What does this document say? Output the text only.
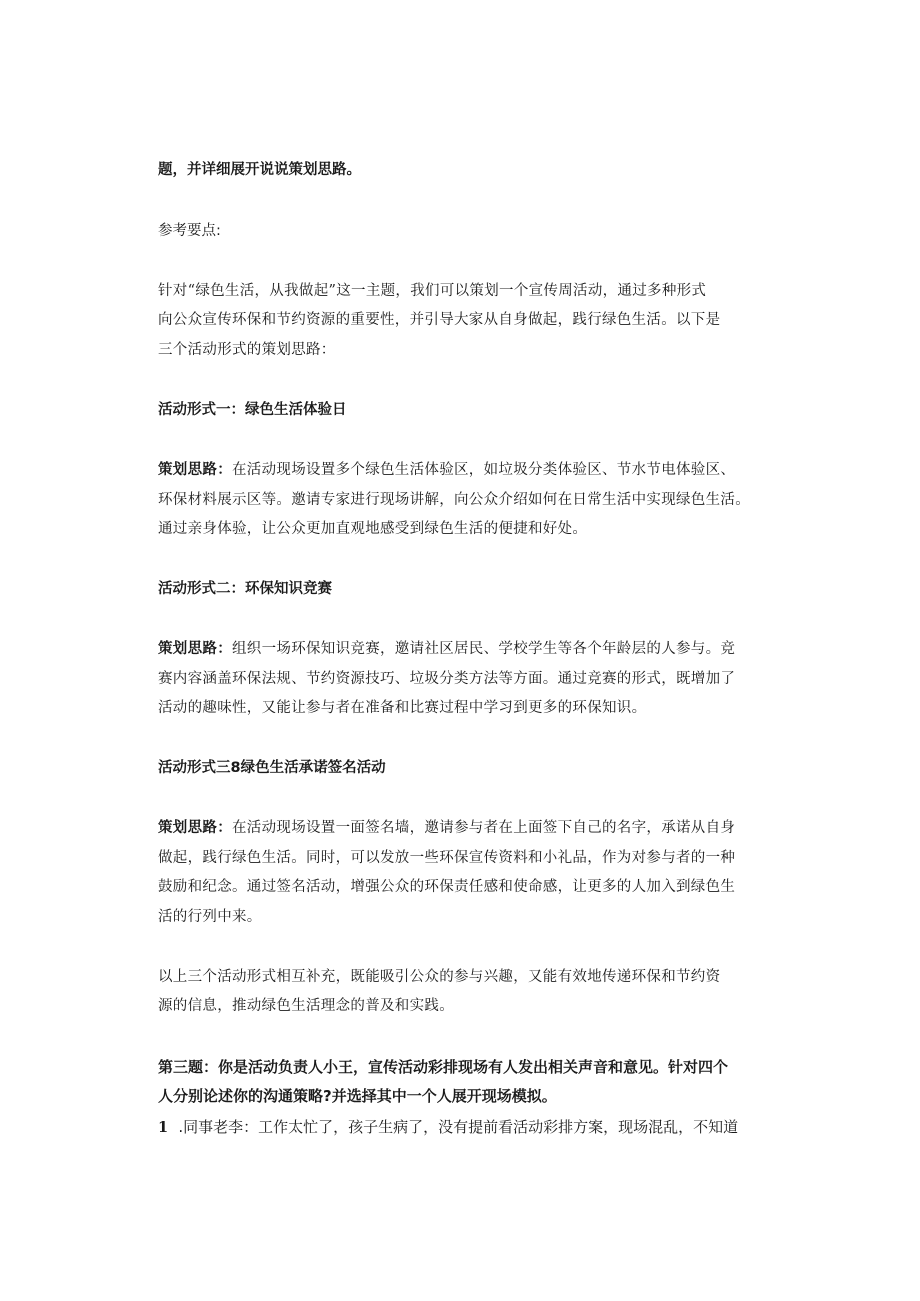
题，并详细展开说说策划思路。
参考要点:
针对“绿色生活，从我做起”这一主题，我们可以策划一个宣传周活动，通过多种形式
向公众宣传环保和节约资源的重要性，并引导大家从自身做起，践行绿色生活。以下是
三个活动形式的策划思路：
活动形式一：绿色生活体验日
策划思路：在活动现场设置多个绿色生活体验区，如垃圾分类体验区、节水节电体验区、
环保材料展示区等。邀请专家进行现场讲解，向公众介绍如何在日常生活中实现绿色生活。
通过亲身体验，让公众更加直观地感受到绿色生活的便捷和好处。
活动形式二：环保知识竞赛
策划思路：组织一场环保知识竞赛，邀请社区居民、学校学生等各个年龄层的人参与。竞
赛内容涵盖环保法规、节约资源技巧、垃圾分类方法等方面。通过竞赛的形式，既增加了
活动的趣味性，又能让参与者在准备和比赛过程中学习到更多的环保知识。
活动形式三8绿色生活承诺签名活动
策划思路：在活动现场设置一面签名墙，邀请参与者在上面签下自己的名字，承诺从自身
做起，践行绿色生活。同时，可以发放一些环保宣传资料和小礼品，作为对参与者的一种
鼓励和纪念。通过签名活动，增强公众的环保责任感和使命感，让更多的人加入到绿色生
活的行列中来。
以上三个活动形式相互补充，既能吸引公众的参与兴趣，又能有效地传递环保和节约资
源的信息，推动绿色生活理念的普及和实践。
第三题：你是活动负责人小王，宣传活动彩排现场有人发出相关声音和意见。针对四个
人分别论述你的沟通策略?并选择其中一个人展开现场模拟。
1 .同事老李：工作太忙了，孩子生病了，没有提前看活动彩排方案，现场混乱，不知道
